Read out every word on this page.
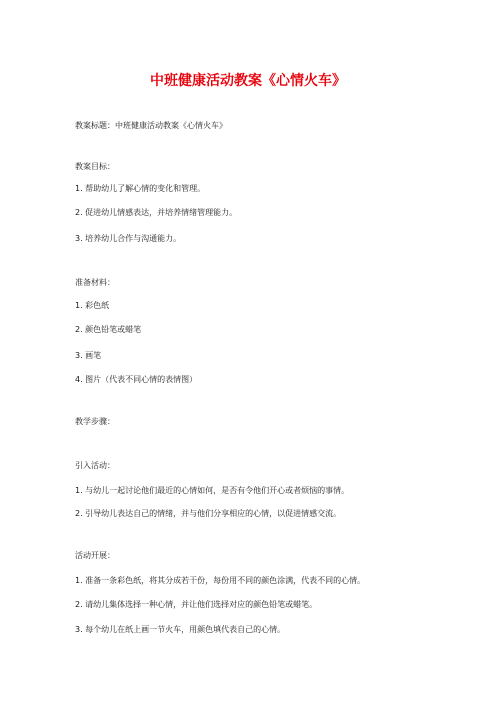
中班健康活动教案《心情火车》
教案标题：中班健康活动教案《心情火车》
教案目标：
1. 帮助幼儿了解心情的变化和管理。
2. 促进幼儿情感表达，并培养情绪管理能力。
3. 培养幼儿合作与沟通能力。
准备材料：
1. 彩色纸
2. 颜色铅笔或蜡笔
3. 画笔
4. 图片（代表不同心情的表情图）
教学步骤：
引入活动：
1. 与幼儿一起讨论他们最近的心情如何，是否有令他们开心或者烦恼的事情。
2. 引导幼儿表达自己的情绪，并与他们分享相应的心情，以促进情感交流。
活动开展：
1. 准备一条彩色纸，将其分成若干份，每份用不同的颜色涂满，代表不同的心情。
2. 请幼儿集体选择一种心情，并让他们选择对应的颜色铅笔或蜡笔。
3. 每个幼儿在纸上画一节火车，用颜色填代表自己的心情。
